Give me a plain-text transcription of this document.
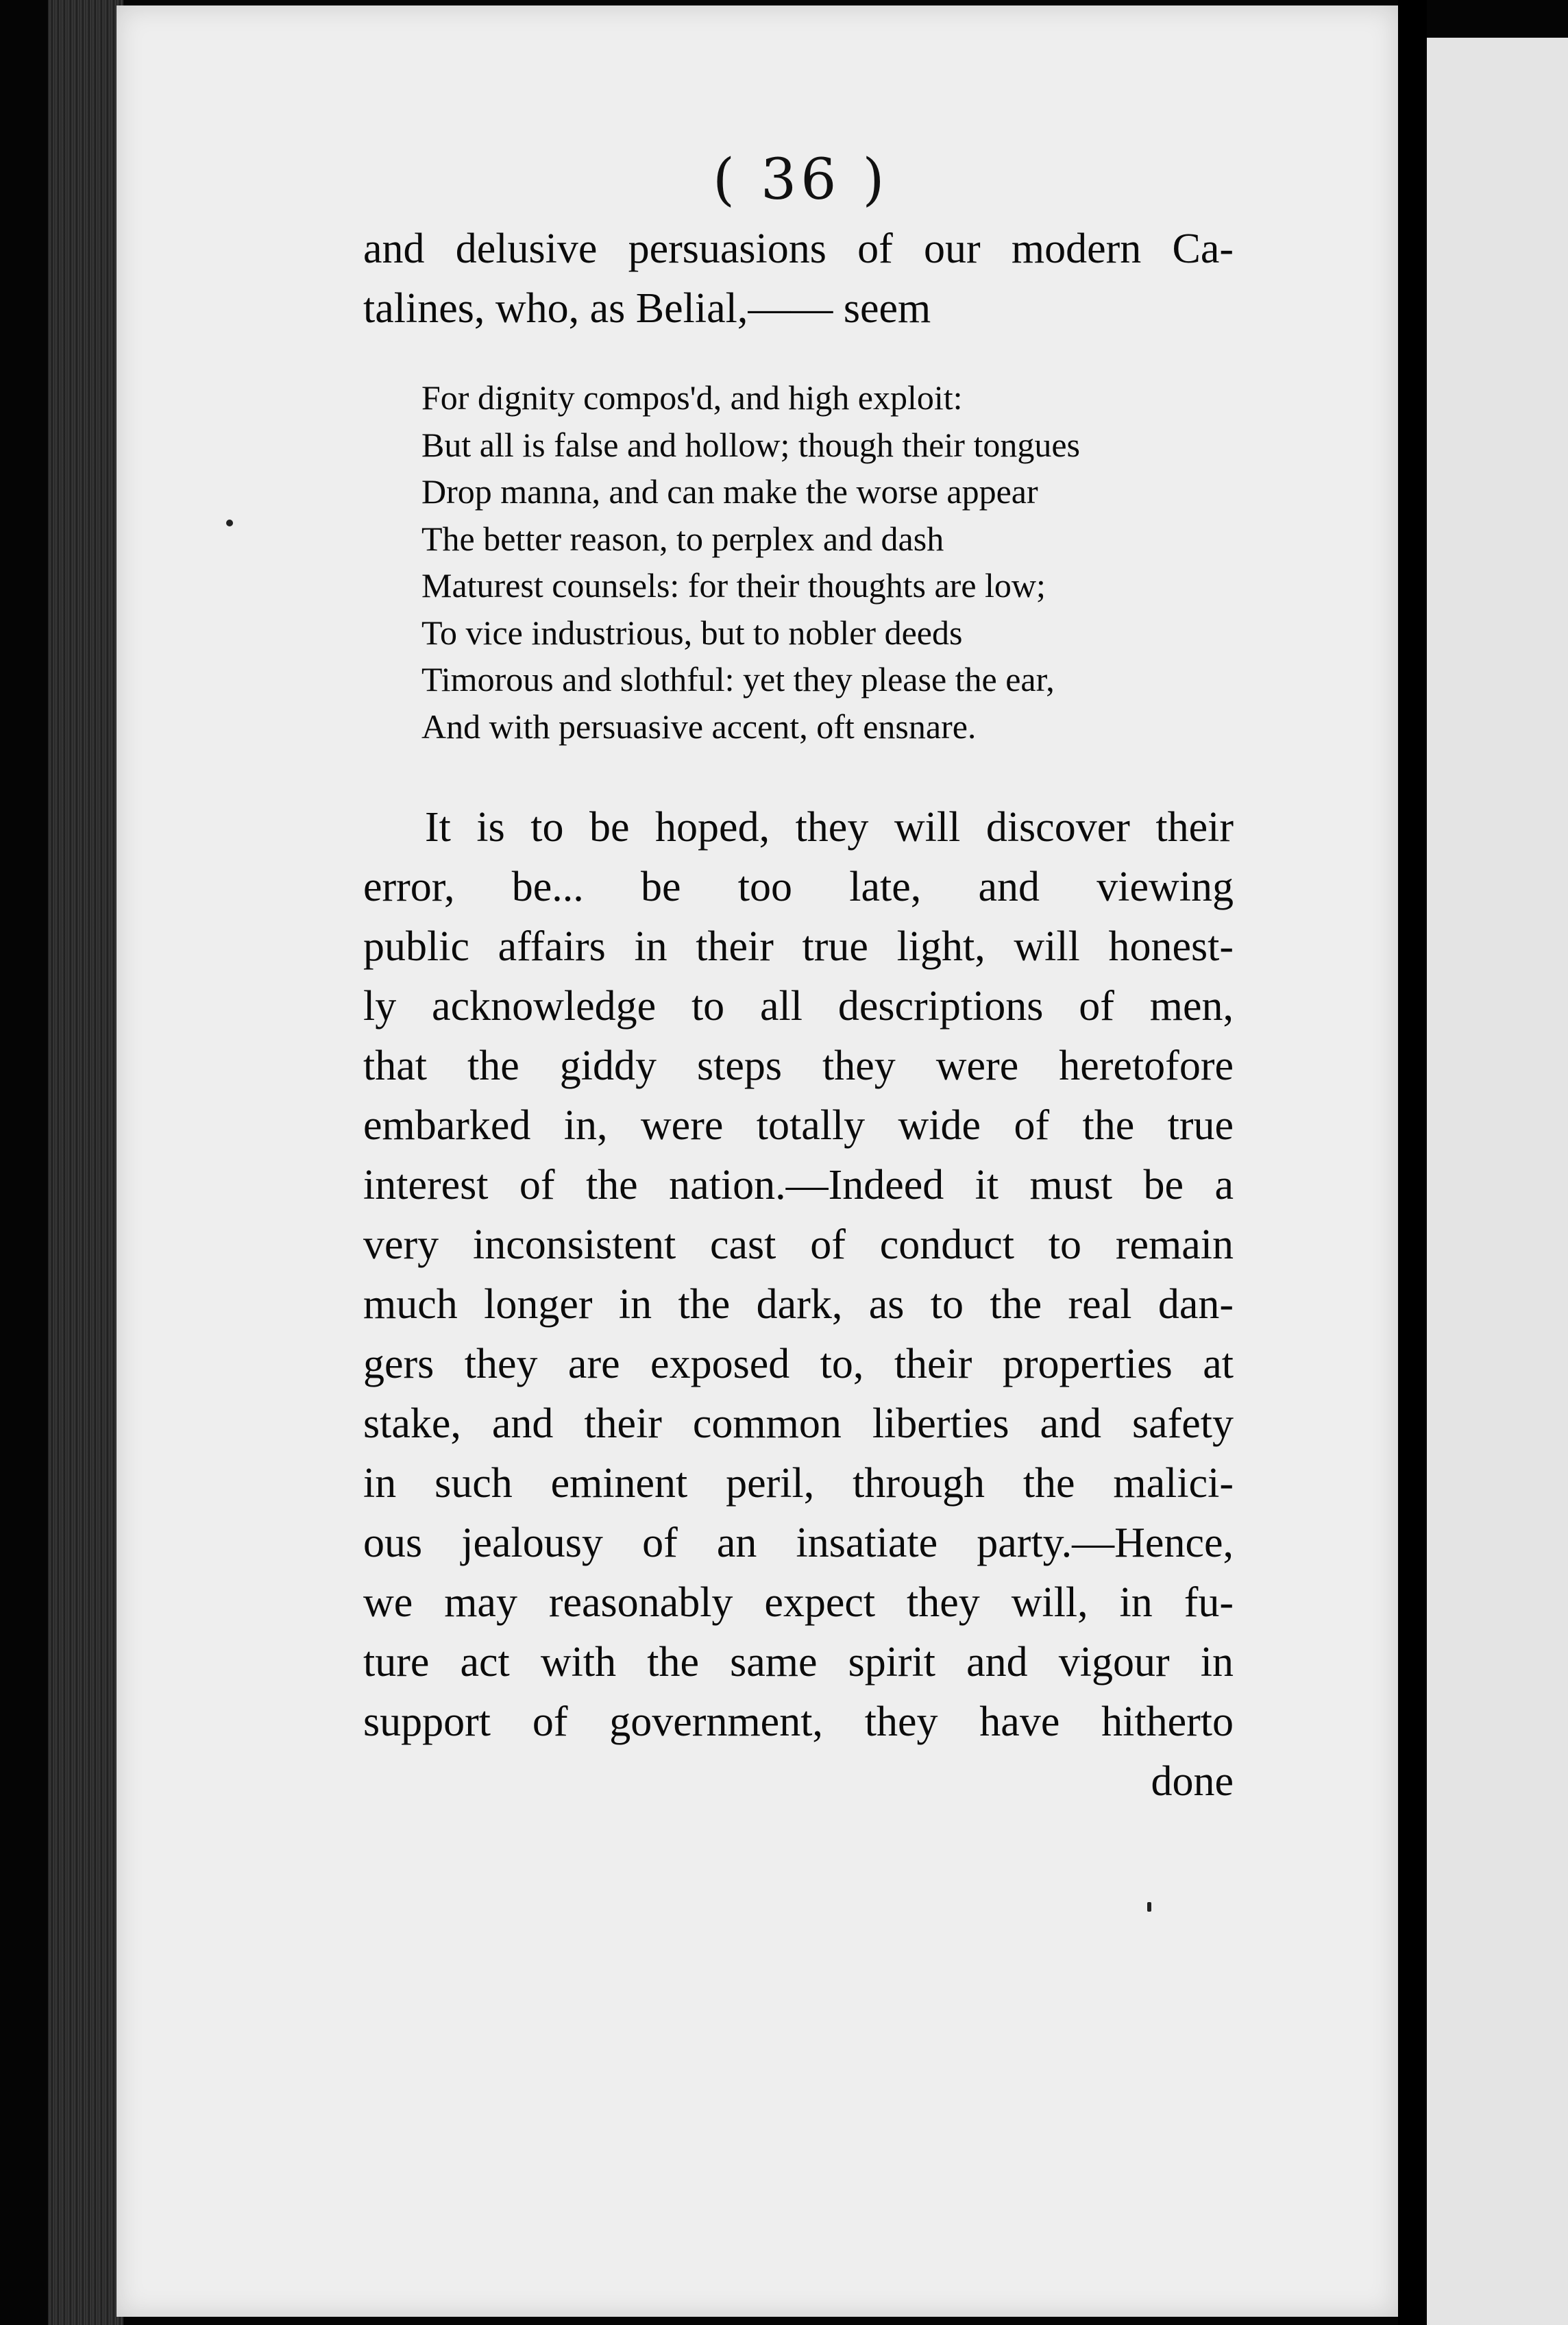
( 36 )
and delusive persuasions of our modern Ca-
talines, who, as Belial,—— seem
For dignity compos'd, and high exploit:
But all is false and hollow; though their tongues
Drop manna, and can make the worse appear
The better reason, to perplex and dash
Maturest counsels: for their thoughts are low;
To vice industrious, but to nobler deeds
Timorous and slothful: yet they please the ear,
And with persuasive accent, oft ensnare.
It is to be hoped, they will discover their
error, be... be too late, and viewing
public affairs in their true light, will honest-
ly acknowledge to all descriptions of men,
that the giddy steps they were heretofore
embarked in, were totally wide of the true
interest of the nation.—Indeed it must be a
very inconsistent cast of conduct to remain
much longer in the dark, as to the real dan-
gers they are exposed to, their properties at
stake, and their common liberties and safety
in such eminent peril, through the malici-
ous jealousy of an insatiate party.—Hence,
we may reasonably expect they will, in fu-
ture act with the same spirit and vigour in
support of government, they have hitherto
done
